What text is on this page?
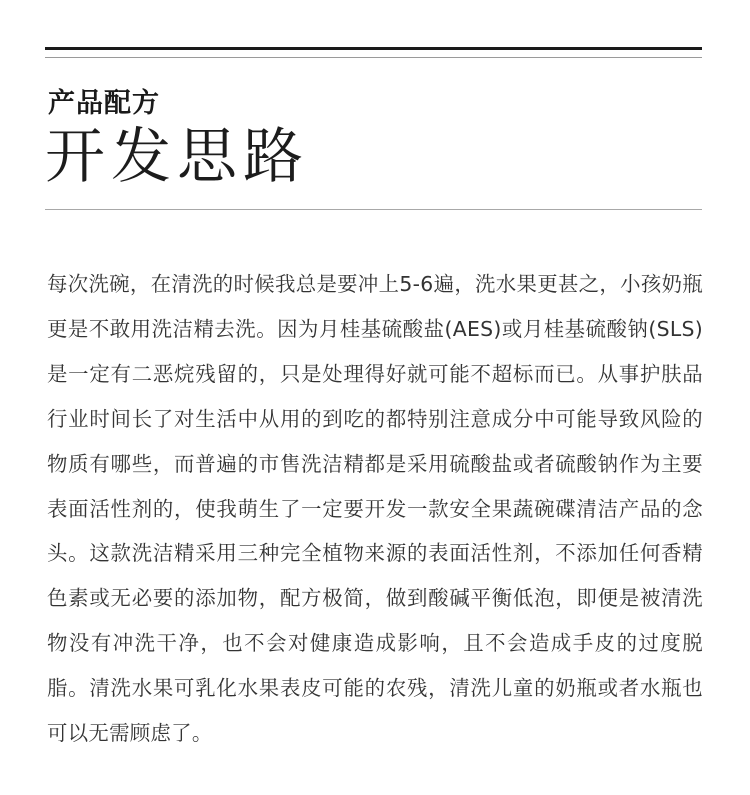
产品配方
开发思路

每次洗碗，在清洗的时候我总是要冲上5-6遍，洗水果更甚之，小孩奶瓶更是不敢用洗洁精去洗。因为月桂基硫酸盐(AES)或月桂基硫酸钠(SLS)是一定有二恶烷残留的，只是处理得好就可能不超标而已。从事护肤品行业时间长了对生活中从用的到吃的都特别注意成分中可能导致风险的物质有哪些，而普遍的市售洗洁精都是采用硫酸盐或者硫酸钠作为主要表面活性剂的，使我萌生了一定要开发一款安全果蔬碗碟清洁产品的念头。这款洗洁精采用三种完全植物来源的表面活性剂，不添加任何香精色素或无必要的添加物，配方极简，做到酸碱平衡低泡，即便是被清洗物没有冲洗干净，也不会对健康造成影响，且不会造成手皮的过度脱脂。清洗水果可乳化水果表皮可能的农残，清洗儿童的奶瓶或者水瓶也可以无需顾虑了。
